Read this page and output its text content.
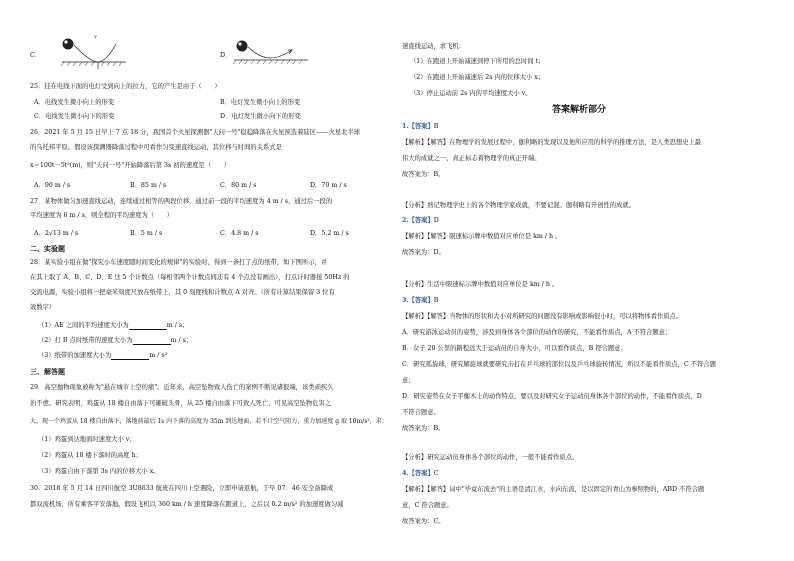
C．
v
D．
25．挂在电线下面的电灯受到向上的拉力，它的产生是由于（　　）
A．电线发生微小向上的形变	B．电灯发生微小向上的形变
C．电线发生微小向下的形变	D．电灯发生微小向下的形变
26．2021 年 5 月 15 日早上 7 点 18 分，我国首个火星探测器"天问一号"稳稳降落在火星预选着陆区——火星北半球
的乌托邦平原。假设该探测器降落过程中可看作匀变速直线运动，其位移与时间的关系式是
x＝100t－5t²(m)，则"天问一号"开始降落后第 3s 初的速度是（　　）
A．90 m / s	B．85 m / s	C．80 m / s	D．70 m / s
27．某物体做匀加速直线运动，连续通过相等的两段位移，通过前一段的平均速度为 4 m / s，通过后一段的
平均速度为 6 m / s，则全程的平均速度为（　　）
A．2√13 m / s	B．5 m / s	C．4.8 m / s	D．5.2 m / s
二、实验题
28．某实验小组在做"探究小车速度随时间变化的规律"的实验时，得到一条打了点的纸带，如下图所示，并
在其上取了 A、B、C、D、E 这 5 个计数点（每相邻两个计数点间还有 4 个点没有画出），打点计时器接 50Hz 的
交流电源，实验小组将一把毫米刻度尺放在纸带上，其 0 刻度线和计数点 A 对齐。（所有计算结果保留 3 位有
效数字）
（1）AE 之间的平均速度大小为	m / s；
（2）打 B 点时纸带的速度大小为	m / s；
（3）纸带的加速度大小为	m / s²
三、解答题
29．高空抛物现象被称为"悬在城市上空的痛"。近年来，高空坠物致人伤亡的案例不断见诸报端，该类顽疾久
治不愈。研究表明，鸡蛋从 18 楼自由落下可砸破头骨，从 25 楼自由落下可致人死亡，可见高空坠物危害之
大。现一个鸡蛋从 18 楼自由落下，落地前最后 1s 内下落的高度为 35m 到达地面，若不计空气阻力，重力加速度 g 取 10m/s²，求：
（1）鸡蛋到达地面时速度大小 v；
（2）鸡蛋从 18 楼下落时的高度 h；
（3）鸡蛋自由下落第 3s 内的位移大小 x。
30．2018 年 5 月 14 日四川航空 3U8633 航班在四川上空遇险，立即申请返航，于早 07：46 安全备降成
都双流机场，所有乘客平安落地。假设飞机以 360 km / h 速度降落在跑道上，之后以 0.2 m/s² 的加速度做匀减
速直线运动，求飞机：
（1）在跑道上开始减速到停下所用的总时间 t；
（2）在跑道上开始减速后 2s 内的位移大小 x；
（3）停止运动前 2s 内的平均速度大小 v。
答案解析部分
1.【答案】B
【解析】【解答】在物理学的发展过程中，伽利略的发现以及他所应用的科学的推理方法，是人类思想史上最
伟大的成就之一，真正标志着物理学的真正开端。
故答案为：B。
【分析】熟记物理学史上的各个物理学家成就，不要记混。伽利略有开创性的成就。
2.【答案】D
【解析】【解答】限速标示牌中数值对应单位是 km / h 。
故答案为：D。
【分析】生活中限速标示牌中数值对应单位是 km / h 。
3.【答案】B
【解析】【解答】当物体的形状和大小对所研究的问题没有影响或影响很小时，可以将物体看作质点。
A．研究游泳运动员的姿势，涉及到身体各个部位的动作的研究，不能看作质点，A 不符合题意；
B．女子 20 公里的路程远大于运动员的自身大小，可以看作质点，B 符合题意；
C．研究孤旋球，研究解旋球就要研究击打在乒乓球的部位以及乒乓球旋转情况，所以不能看作质点，C 不符合题
意；
D．研究姿势在女子平衡木上的动作特点，要以及对研究女子运动员身体各个部位的动作，不能看作质点，D
不符合题意。
故答案为：B。
【分析】研究运动员身体各个部位的动作，一般不能看作质点。
4.【答案】C
【解析】【解答】词中"毕竟东流去"的主语是清江水，水向东流，是以固定的青山为参照物的，ABD 不符合题
意，C 符合题意。
故答案为：C。
